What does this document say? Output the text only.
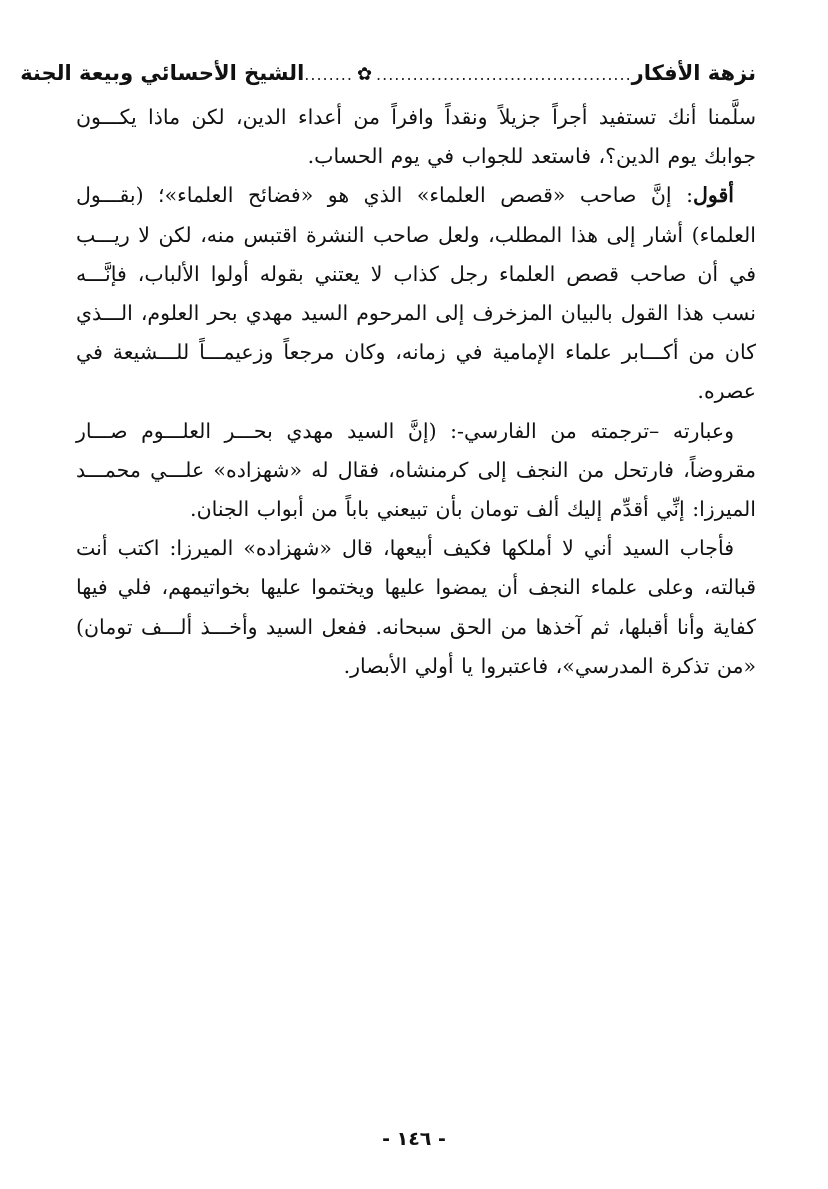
نزهة الأفكار
..........................................
✿
........
الشيخ الأحسائي وبيعة الجنة

سلَّمنا أنك تستفيد أجراً جزيلاً ونقداً وافراً من أعداء الدين، لكن ماذا يكـــون جوابك يوم الدين؟، فاستعد للجواب في يوم الحساب.

أقول: إنَّ صاحب «قصص العلماء» الذي هو «فضائح العلماء»؛ (بقـــول العلماء) أشار إلى هذا المطلب، ولعل صاحب النشرة اقتبس منه، لكن لا ريـــب في أن صاحب قصص العلماء رجل كذاب لا يعتني بقوله أولوا الألباب، فإنَّـــه نسب هذا القول بالبيان المزخرف إلى المرحوم السيد مهدي بحر العلوم، الـــذي كان من أكـــابر علماء الإمامية في زمانه، وكان مرجعاً وزعيمـــاً للـــشيعة في عصره.

وعبارته –ترجمته من الفارسي-: (إنَّ السيد مهدي بحـــر العلـــوم صـــار مقروضاً، فارتحل من النجف إلى كرمنشاه، فقال له «شهزاده» علـــي محمـــد الميرزا: إنِّي أقدِّم إليك ألف تومان بأن تبيعني باباً من أبواب الجنان.

فأجاب السيد أني لا أملكها فكيف أبيعها، قال «شهزاده» الميرزا: اكتب أنت قبالته، وعلى علماء النجف أن يمضوا عليها ويختموا عليها بخواتيمهم، فلي فيها كفاية وأنا أقبلها، ثم آخذها من الحق سبحانه. ففعل السيد وأخـــذ ألـــف تومان) «من تذكرة المدرسي»، فاعتبروا يا أولي الأبصار.

- ١٤٦ -
